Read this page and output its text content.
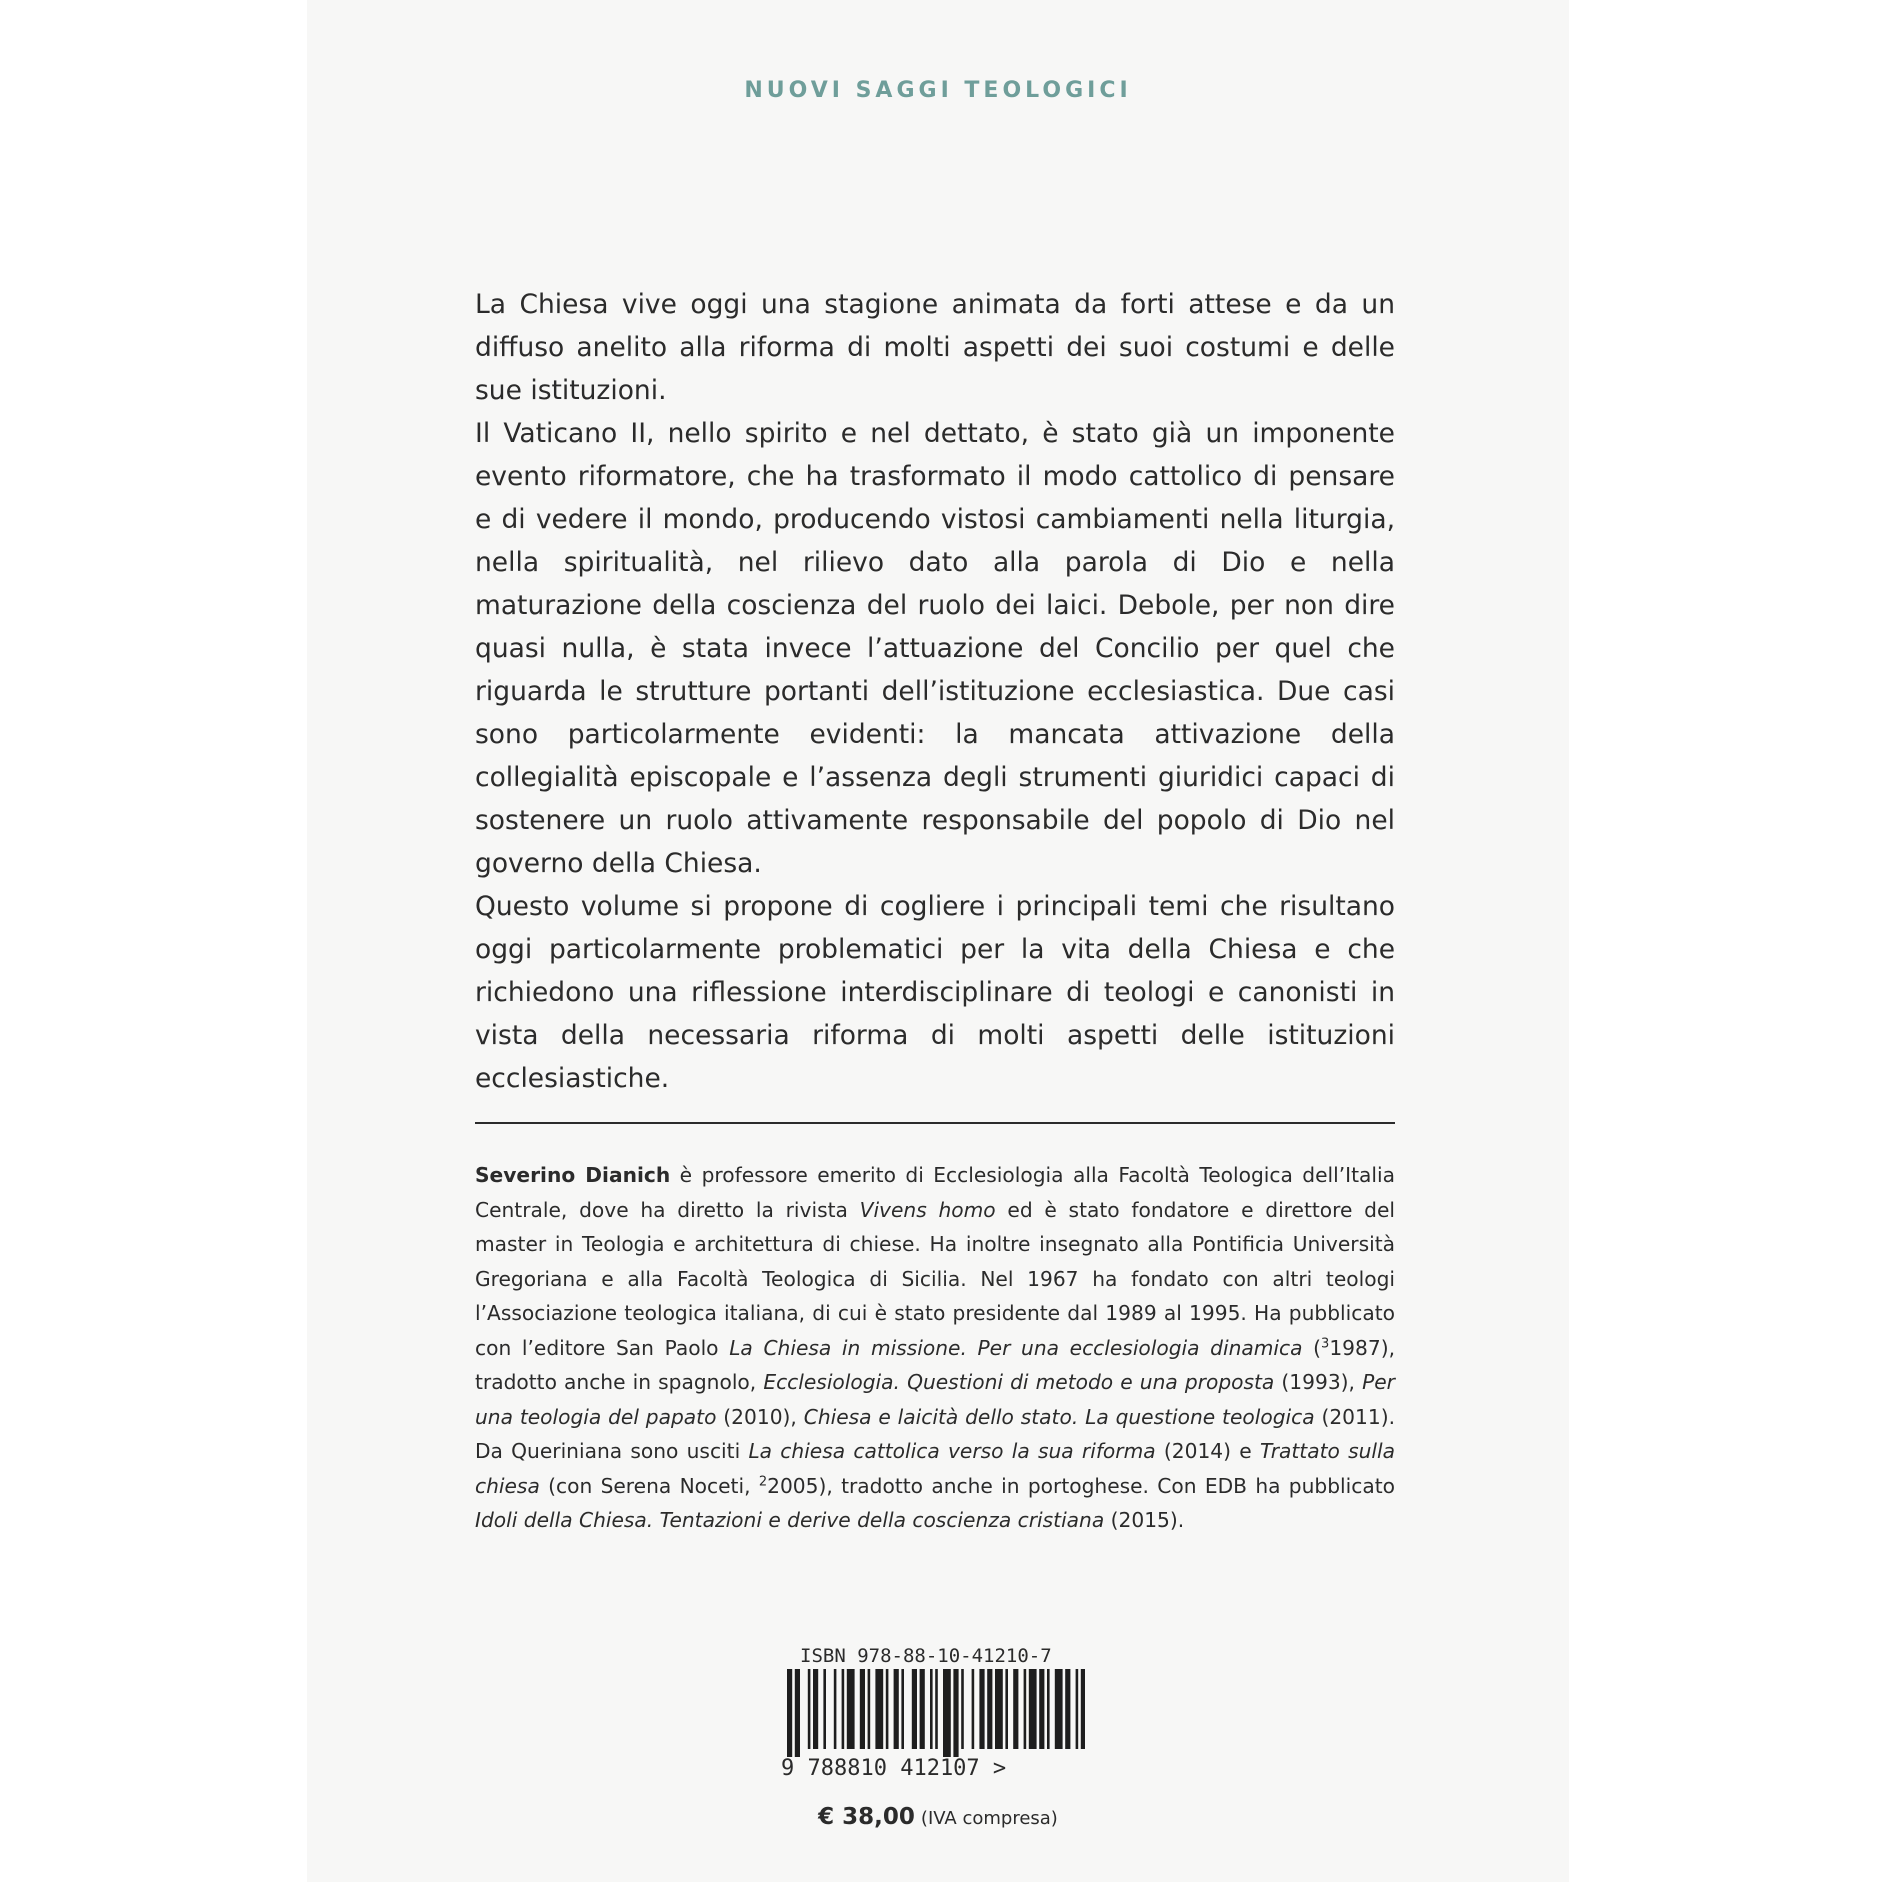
NUOVI SAGGI TEOLOGICI

La Chiesa vive oggi una stagione animata da forti attese e da un diffuso anelito alla riforma di molti aspetti dei suoi costumi e delle sue istituzioni.

Il Vaticano II, nello spirito e nel dettato, è stato già un imponente evento riformatore, che ha trasformato il modo cattolico di pensare e di vedere il mondo, producendo vistosi cambiamenti nella liturgia, nella spiritualità, nel rilievo dato alla parola di Dio e nella maturazione della coscienza del ruolo dei laici. Debole, per non dire quasi nulla, è stata invece l’attuazione del Concilio per quel che riguarda le strutture portanti dell’istituzione ecclesiastica. Due casi sono particolarmente evidenti: la mancata attivazione della collegialità episcopale e l’assenza degli strumenti giuridici capaci di sostenere un ruolo attivamente responsabile del popolo di Dio nel governo della Chiesa.

Questo volume si propone di cogliere i principali temi che risultano oggi particolarmente problematici per la vita della Chiesa e che richiedono una riflessione interdisciplinare di teologi e canonisti in vista della necessaria riforma di molti aspetti delle istituzioni ecclesiastiche.

Severino Dianich è professore emerito di Ecclesiologia alla Facoltà Teologica dell’Italia Centrale, dove ha diretto la rivista Vivens homo ed è stato fondatore e direttore del master in Teologia e architettura di chiese. Ha inoltre insegnato alla Pontificia Università Gregoriana e alla Facoltà Teologica di Sicilia. Nel 1967 ha fondato con altri teologi l’Associazione teologica italiana, di cui è stato presidente dal 1989 al 1995. Ha pubblicato con l’editore San Paolo La Chiesa in missione. Per una ecclesiologia dinamica ($^3$1987), tradotto anche in spagnolo, Ecclesiologia. Questioni di metodo e una proposta (1993), Per una teologia del papato (2010), Chiesa e laicità dello stato. La questione teologica (2011). Da Queriniana sono usciti La chiesa cattolica verso la sua riforma (2014) e Trattato sulla chiesa (con Serena Noceti, $^2$2005), tradotto anche in portoghese. Con EDB ha pubblicato Idoli della Chiesa. Tentazioni e derive della coscienza cristiana (2015).
ISBN 978-88-10-41210-7
9 788810 412107 >
€ 38,00 (IVA compresa)
